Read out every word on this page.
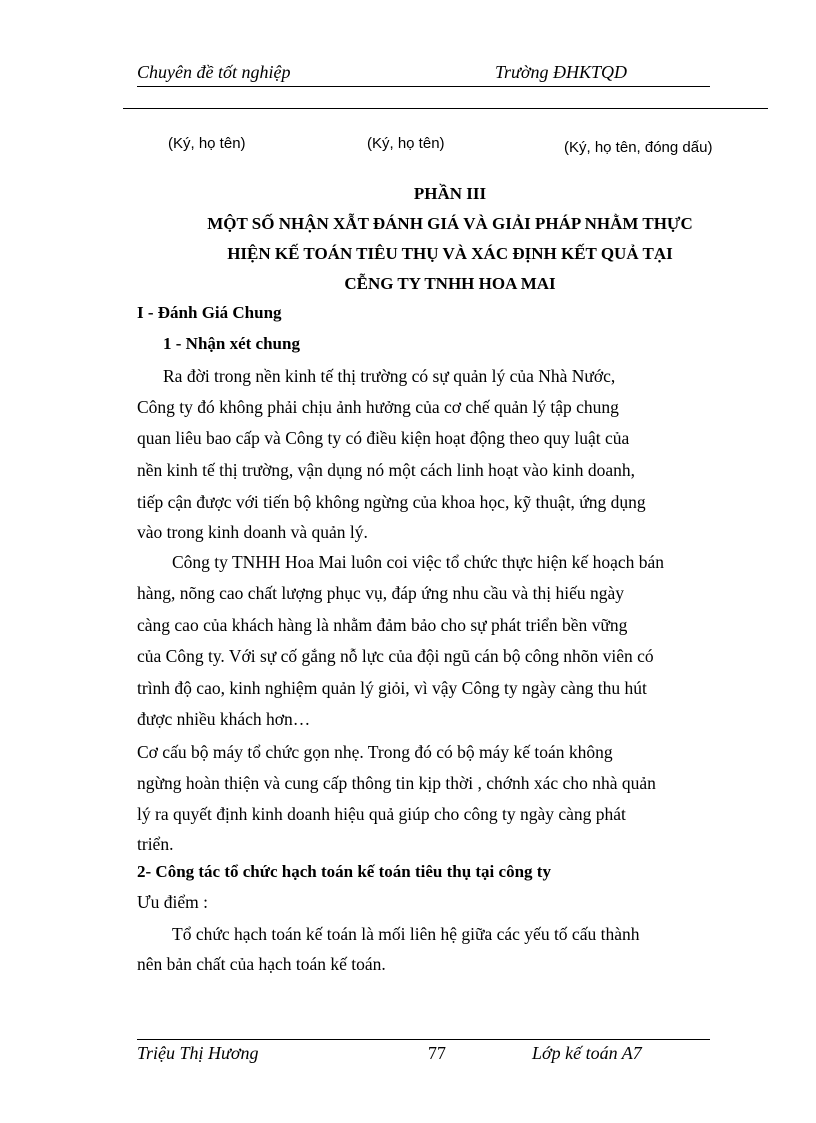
Chuyên đề tốt nghiệp	Trường ĐHKTQD
(Ký, họ tên)	(Ký, họ tên)	(Ký, họ tên, đóng dấu)
PHẦN III
MỘT SỐ NHẬN XẪT ĐÁNH GIÁ VÀ GIẢI PHÁP NHẰM THỰC
HIỆN KẾ TOÁN TIÊU THỤ VÀ XÁC ĐỊNH KẾT QUẢ TẠI
CỄNG TY TNHH HOA MAI
I - Đánh Giá Chung
1 - Nhận xét chung
Ra đời trong nền kinh tế thị trường có sự quản lý của Nhà Nước,
Công ty đó không phải chịu ảnh hưởng của cơ chế quản lý tập chung
quan liêu bao cấp và Công ty có điều kiện hoạt động theo quy luật của
nền kinh tế thị trường, vận dụng nó một cách linh hoạt vào kinh doanh,
tiếp cận được với tiến bộ không ngừng của khoa học, kỹ thuật, ứng dụng
vào trong kinh doanh và quản lý.
Công ty TNHH Hoa Mai luôn coi việc tổ chức thực hiện kế hoạch bán
hàng, nõng cao chất lượng phục vụ, đáp ứng nhu cầu và thị hiếu ngày
càng cao của khách hàng là nhằm đảm bảo cho sự phát triển bền vững
của Công ty. Với sự cố gắng nỗ lực của đội ngũ cán bộ công nhõn viên có
trình độ cao, kinh nghiệm quản lý giỏi, vì vậy Công ty ngày càng thu hút
được nhiều khách hơn…
Cơ cấu bộ máy tổ chức gọn nhẹ. Trong đó có bộ máy kế toán không
ngừng hoàn thiện và cung cấp thông tin kịp thời , chớnh xác cho nhà quản
lý ra quyết định kinh doanh hiệu quả giúp cho công ty ngày càng phát
triển.
2- Công tác tổ chức hạch toán kế toán tiêu thụ tại công ty
Ưu điểm :
Tổ chức hạch toán kế toán là mối liên hệ giữa các yếu tố cấu thành
nên bản chất của hạch toán kế toán.
Triệu Thị Hương	77	Lớp kế toán A7
